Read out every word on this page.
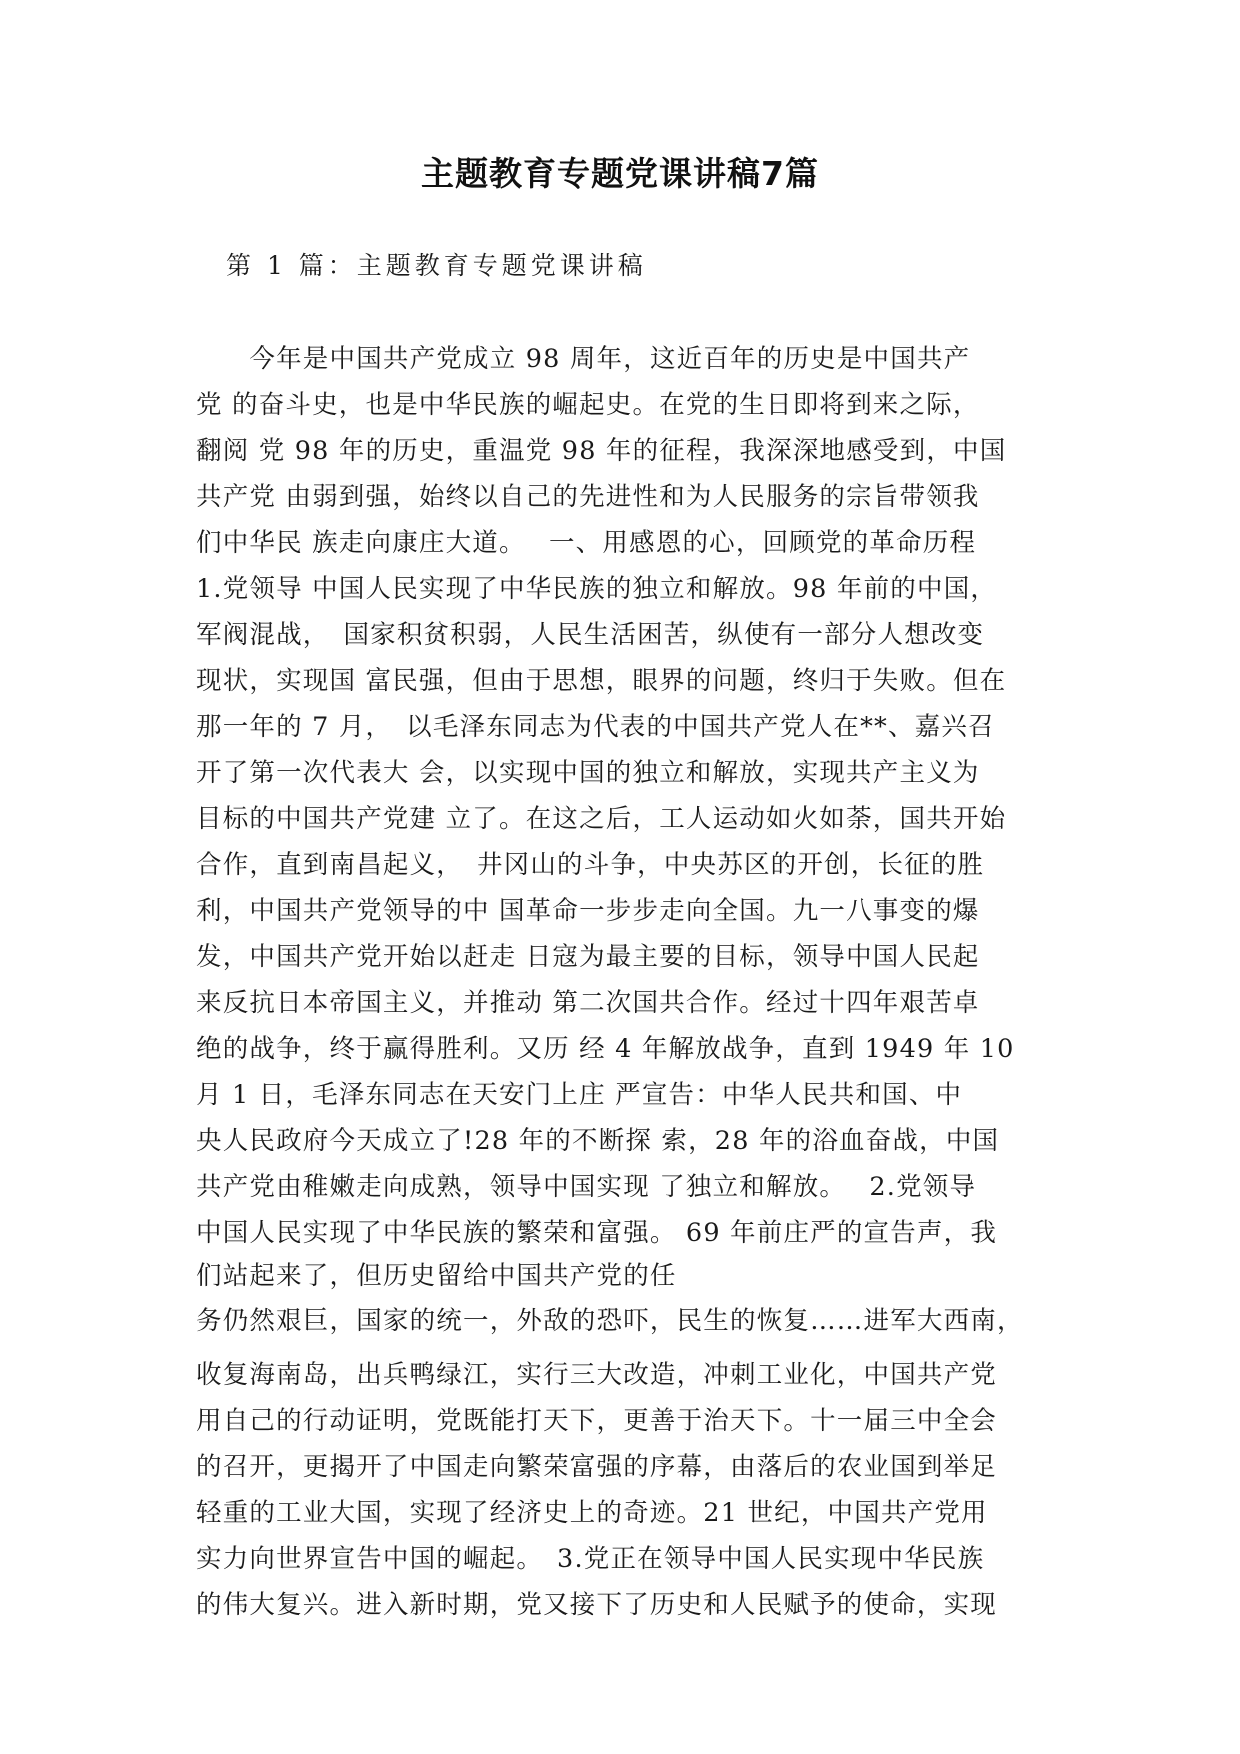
主题教育专题党课讲稿7篇
第 1 篇：主题教育专题党课讲稿
　　今年是中国共产党成立 98 周年，这近百年的历史是中国共产
党 的奋斗史，也是中华民族的崛起史。在党的生日即将到来之际，
翻阅 党 98 年的历史，重温党 98 年的征程，我深深地感受到，中国
共产党 由弱到强，始终以自己的先进性和为人民服务的宗旨带领我
们中华民 族走向康庄大道。　 一、用感恩的心，回顾党的革命历程
1.党领导 中国人民实现了中华民族的独立和解放。98 年前的中国，
军阀混战，　国家积贫积弱，人民生活困苦，纵使有一部分人想改变
现状，实现国 富民强，但由于思想，眼界的问题，终归于失败。但在
那一年的 7 月，　以毛泽东同志为代表的中国共产党人在**、嘉兴召
开了第一次代表大 会，以实现中国的独立和解放，实现共产主义为
目标的中国共产党建 立了。在这之后，工人运动如火如荼，国共开始
合作，直到南昌起义，　井冈山的斗争，中央苏区的开创，长征的胜
利，中国共产党领导的中 国革命一步步走向全国。九一八事变的爆
发，中国共产党开始以赶走 日寇为最主要的目标，领导中国人民起
来反抗日本帝国主义，并推动 第二次国共合作。经过十四年艰苦卓
绝的战争，终于赢得胜利。又历 经 4 年解放战争，直到 1949 年 10
月 1 日，毛泽东同志在天安门上庄 严宣告：中华人民共和国、中
央人民政府今天成立了!28 年的不断探 索，28 年的浴血奋战，中国
共产党由稚嫩走向成熟，领导中国实现 了独立和解放。　 2.党领导
中国人民实现了中华民族的繁荣和富强。 69 年前庄严的宣告声，我
们站起来了，但历史留给中国共产党的任
务仍然艰巨，国家的统一，外敌的恐吓，民生的恢复……进军大西南，
收复海南岛，出兵鸭绿江，实行三大改造，冲刺工业化，中国共产党
用自己的行动证明，党既能打天下，更善于治天下。十一届三中全会
的召开，更揭开了中国走向繁荣富强的序幕，由落后的农业国到举足
轻重的工业大国，实现了经济史上的奇迹。21 世纪，中国共产党用
实力向世界宣告中国的崛起。　3.党正在领导中国人民实现中华民族
的伟大复兴。进入新时期，党又接下了历史和人民赋予的使命，实现
